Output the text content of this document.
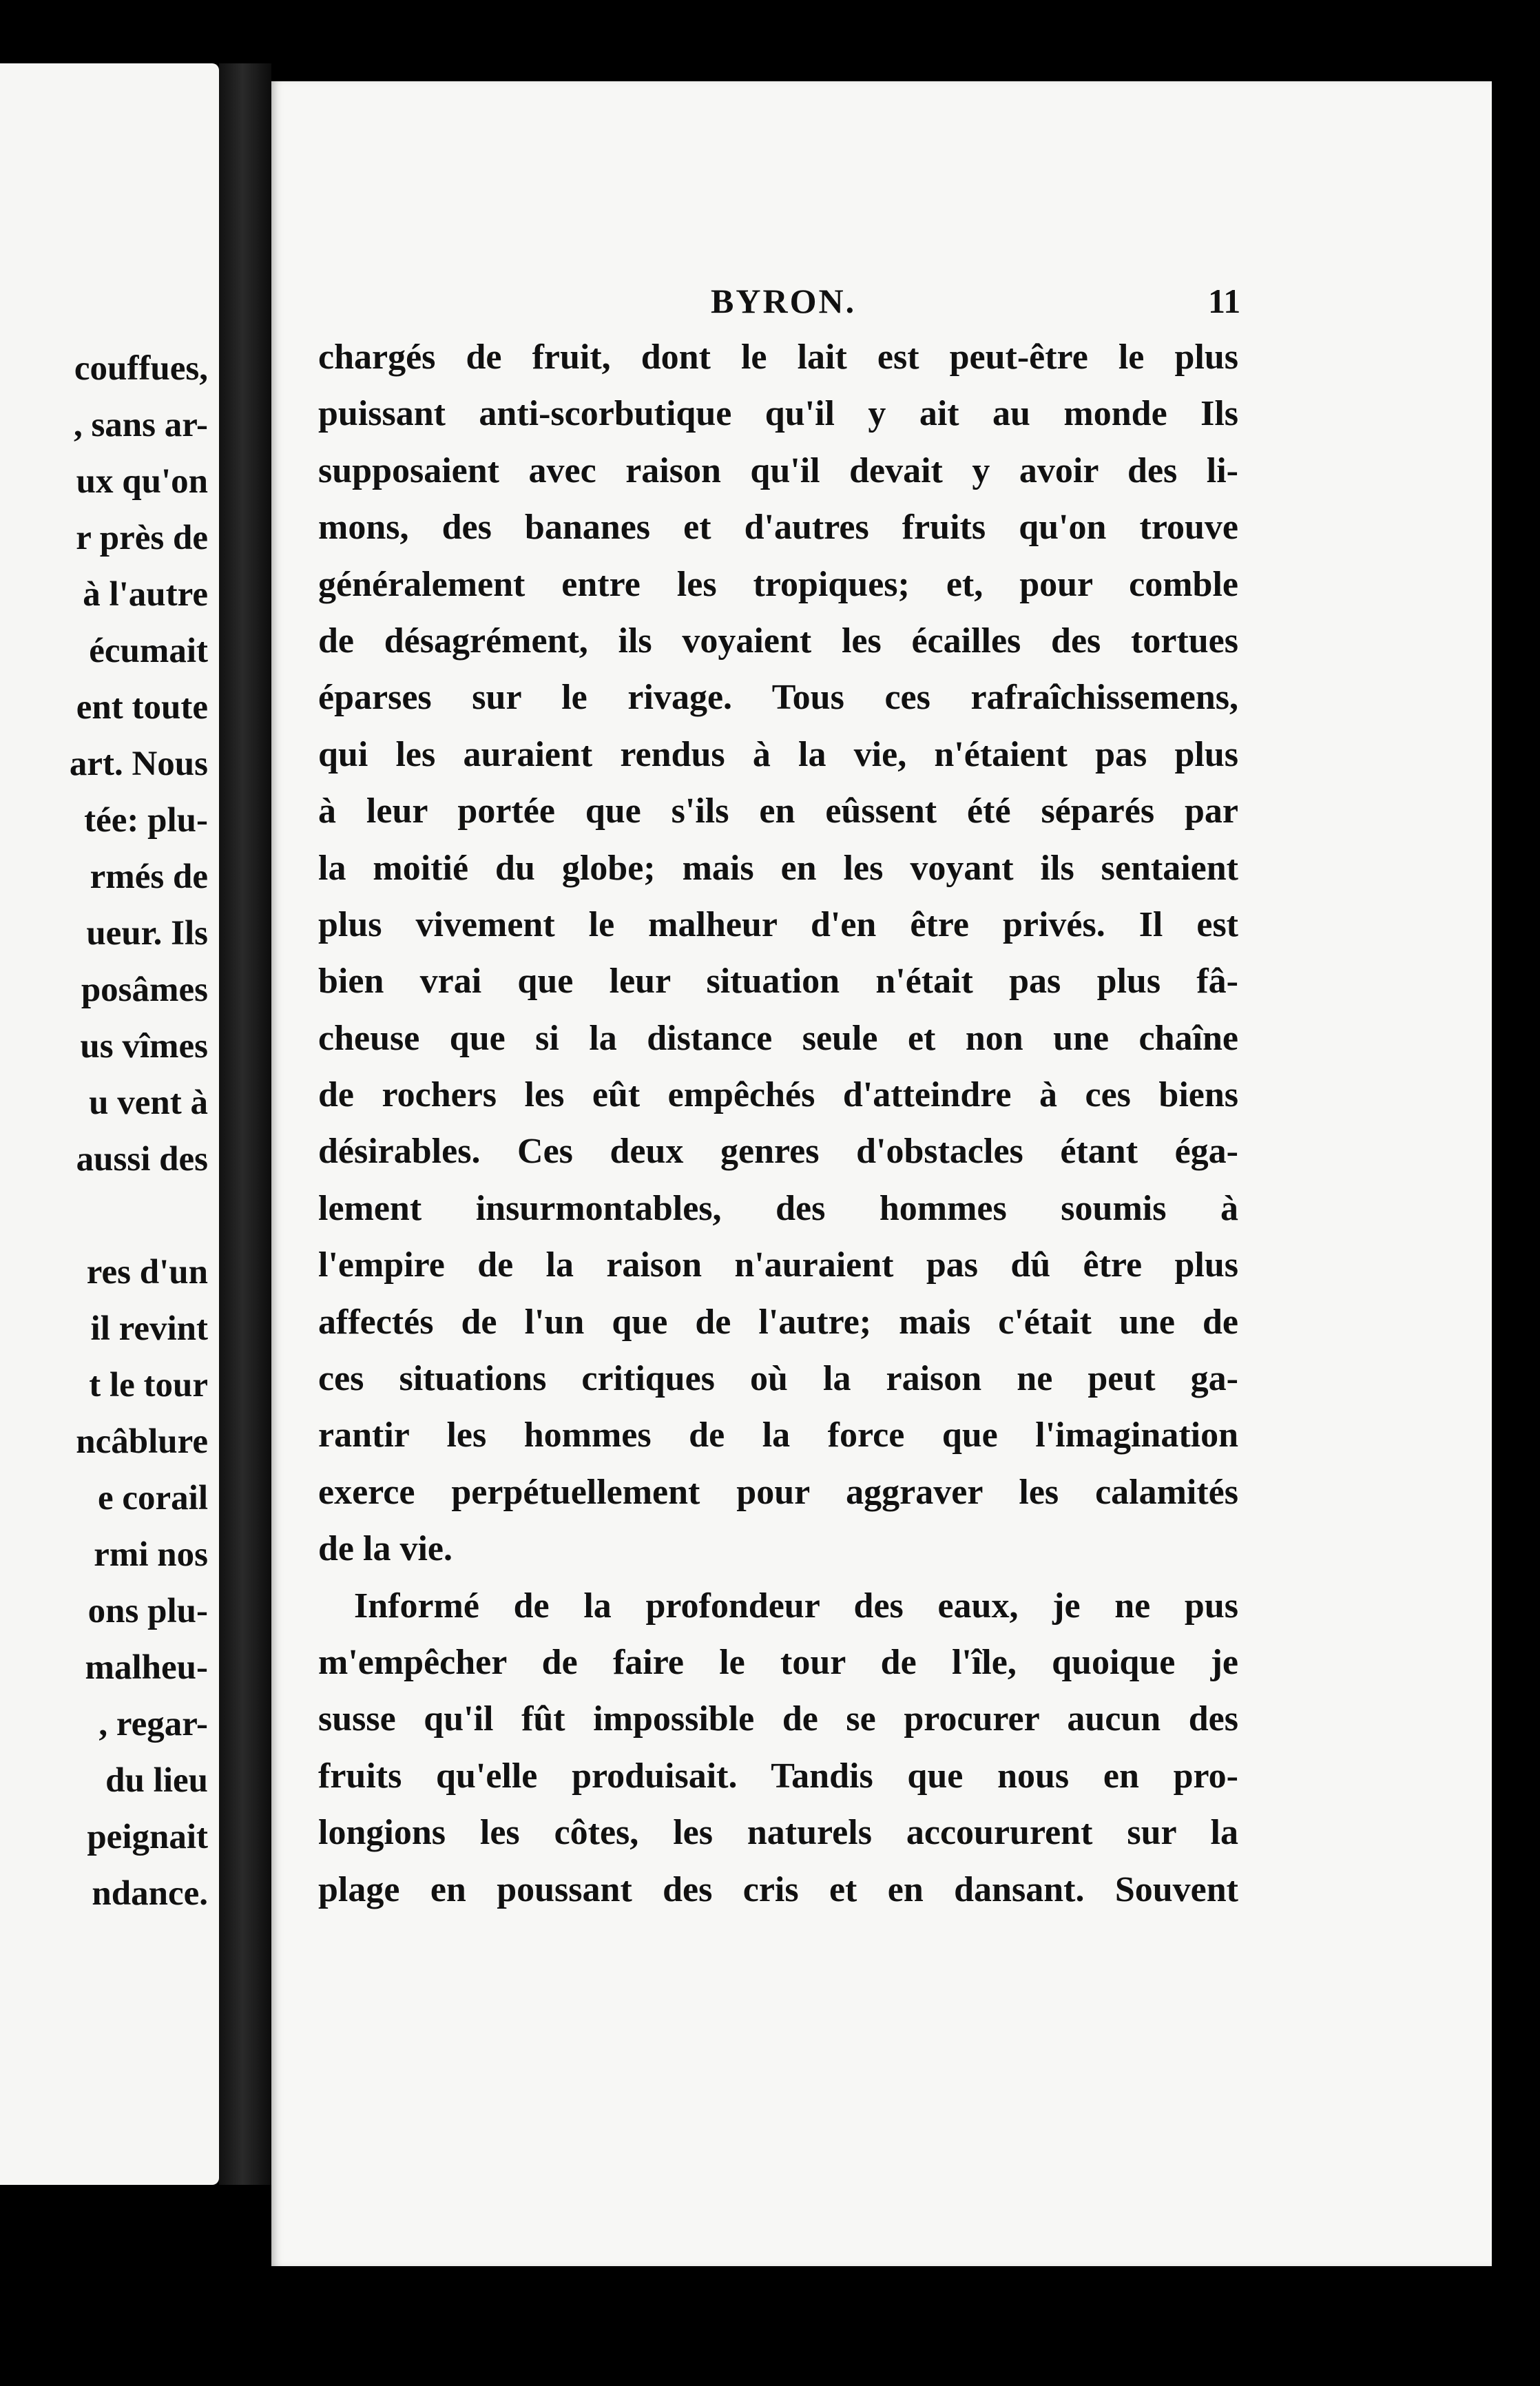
couffues,
, sans ar-
ux qu'on
r près de
à l'autre
écumait
ent toute
art. Nous
tée: plu-
rmés de
ueur. Ils
posâmes
us vîmes
u vent à
aussi des
res d'un
il revint
t le tour
ncâblure
e corail
rmi nos
ons plu-
malheu-
, regar-
du lieu
peignait
ndance.
BYRON.	11
chargés de fruit, dont le lait est peut-être le plus
puissant anti-scorbutique qu'il y ait au monde Ils
supposaient avec raison qu'il devait y avoir des li-
mons, des bananes et d'autres fruits qu'on trouve
généralement entre les tropiques; et, pour comble
de désagrément, ils voyaient les écailles des tortues
éparses sur le rivage. Tous ces rafraîchissemens,
qui les auraient rendus à la vie, n'étaient pas plus
à leur portée que s'ils en eûssent été séparés par
la moitié du globe; mais en les voyant ils sentaient
plus vivement le malheur d'en être privés. Il est
bien vrai que leur situation n'était pas plus fâ-
cheuse que si la distance seule et non une chaîne
de rochers les eût empêchés d'atteindre à ces biens
désirables. Ces deux genres d'obstacles étant éga-
lement insurmontables, des hommes soumis à
l'empire de la raison n'auraient pas dû être plus
affectés de l'un que de l'autre; mais c'était une de
ces situations critiques où la raison ne peut ga-
rantir les hommes de la force que l'imagination
exerce perpétuellement pour aggraver les calamités
de la vie.
Informé de la profondeur des eaux, je ne pus
m'empêcher de faire le tour de l'île, quoique je
susse qu'il fût impossible de se procurer aucun des
fruits qu'elle produisait. Tandis que nous en pro-
longions les côtes, les naturels accoururent sur la
plage en poussant des cris et en dansant. Souvent
